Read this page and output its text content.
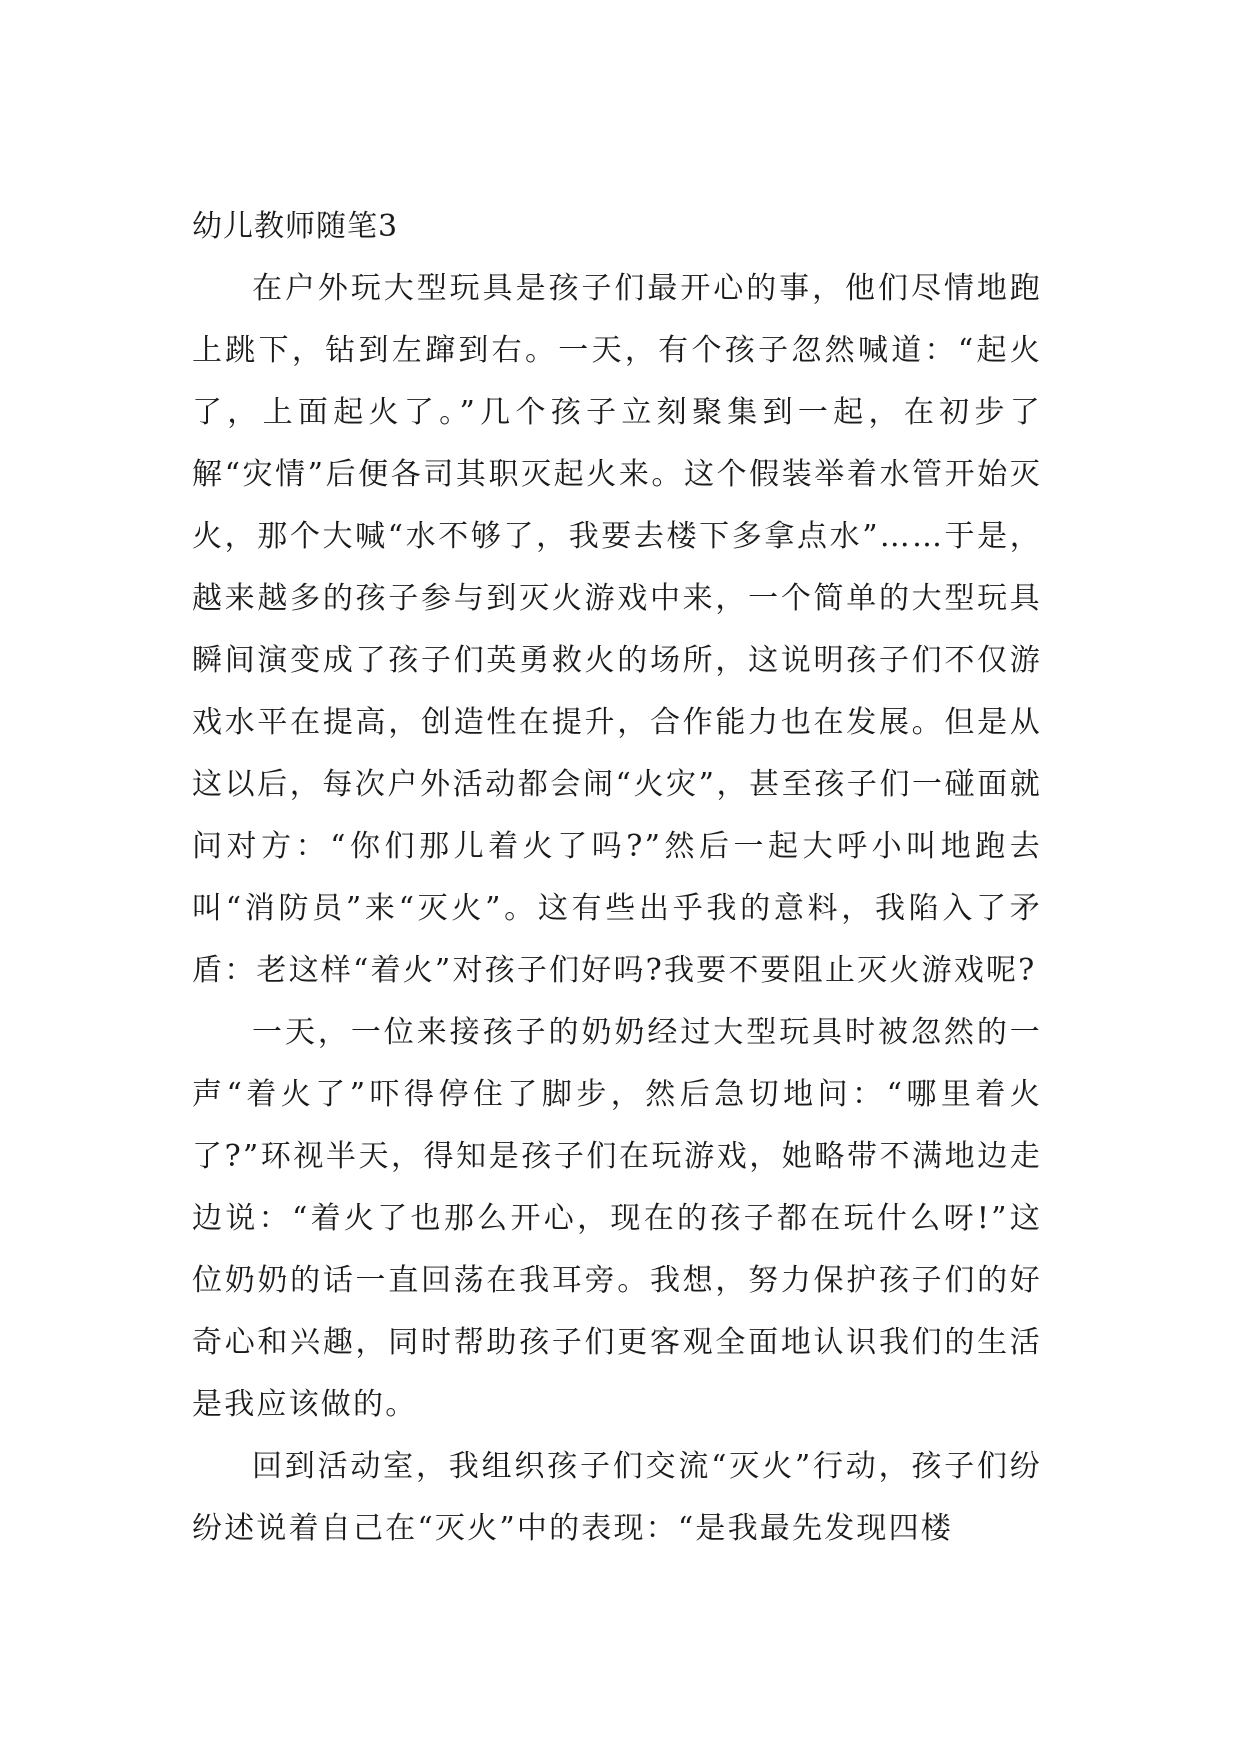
幼儿教师随笔3

在户外玩大型玩具是孩子们最开心的事，他们尽情地跑上跳下，钻到左蹿到右。一天，有个孩子忽然喊道：“起火了，上面起火了。”几个孩子立刻聚集到一起，在初步了解“灾情”后便各司其职灭起火来。这个假装举着水管开始灭火，那个大喊“水不够了，我要去楼下多拿点水”……于是，越来越多的孩子参与到灭火游戏中来，一个简单的大型玩具瞬间演变成了孩子们英勇救火的场所，这说明孩子们不仅游戏水平在提高，创造性在提升，合作能力也在发展。但是从这以后，每次户外活动都会闹“火灾”，甚至孩子们一碰面就问对方：“你们那儿着火了吗?”然后一起大呼小叫地跑去叫“消防员”来“灭火”。这有些出乎我的意料，我陷入了矛盾：老这样“着火”对孩子们好吗?我要不要阻止灭火游戏呢?

一天，一位来接孩子的奶奶经过大型玩具时被忽然的一声“着火了”吓得停住了脚步，然后急切地问：“哪里着火了?”环视半天，得知是孩子们在玩游戏，她略带不满地边走边说：“着火了也那么开心，现在的孩子都在玩什么呀!”这位奶奶的话一直回荡在我耳旁。我想，努力保护孩子们的好奇心和兴趣，同时帮助孩子们更客观全面地认识我们的生活是我应该做的。

回到活动室，我组织孩子们交流“灭火”行动，孩子们纷纷述说着自己在“灭火”中的表现：“是我最先发现四楼
